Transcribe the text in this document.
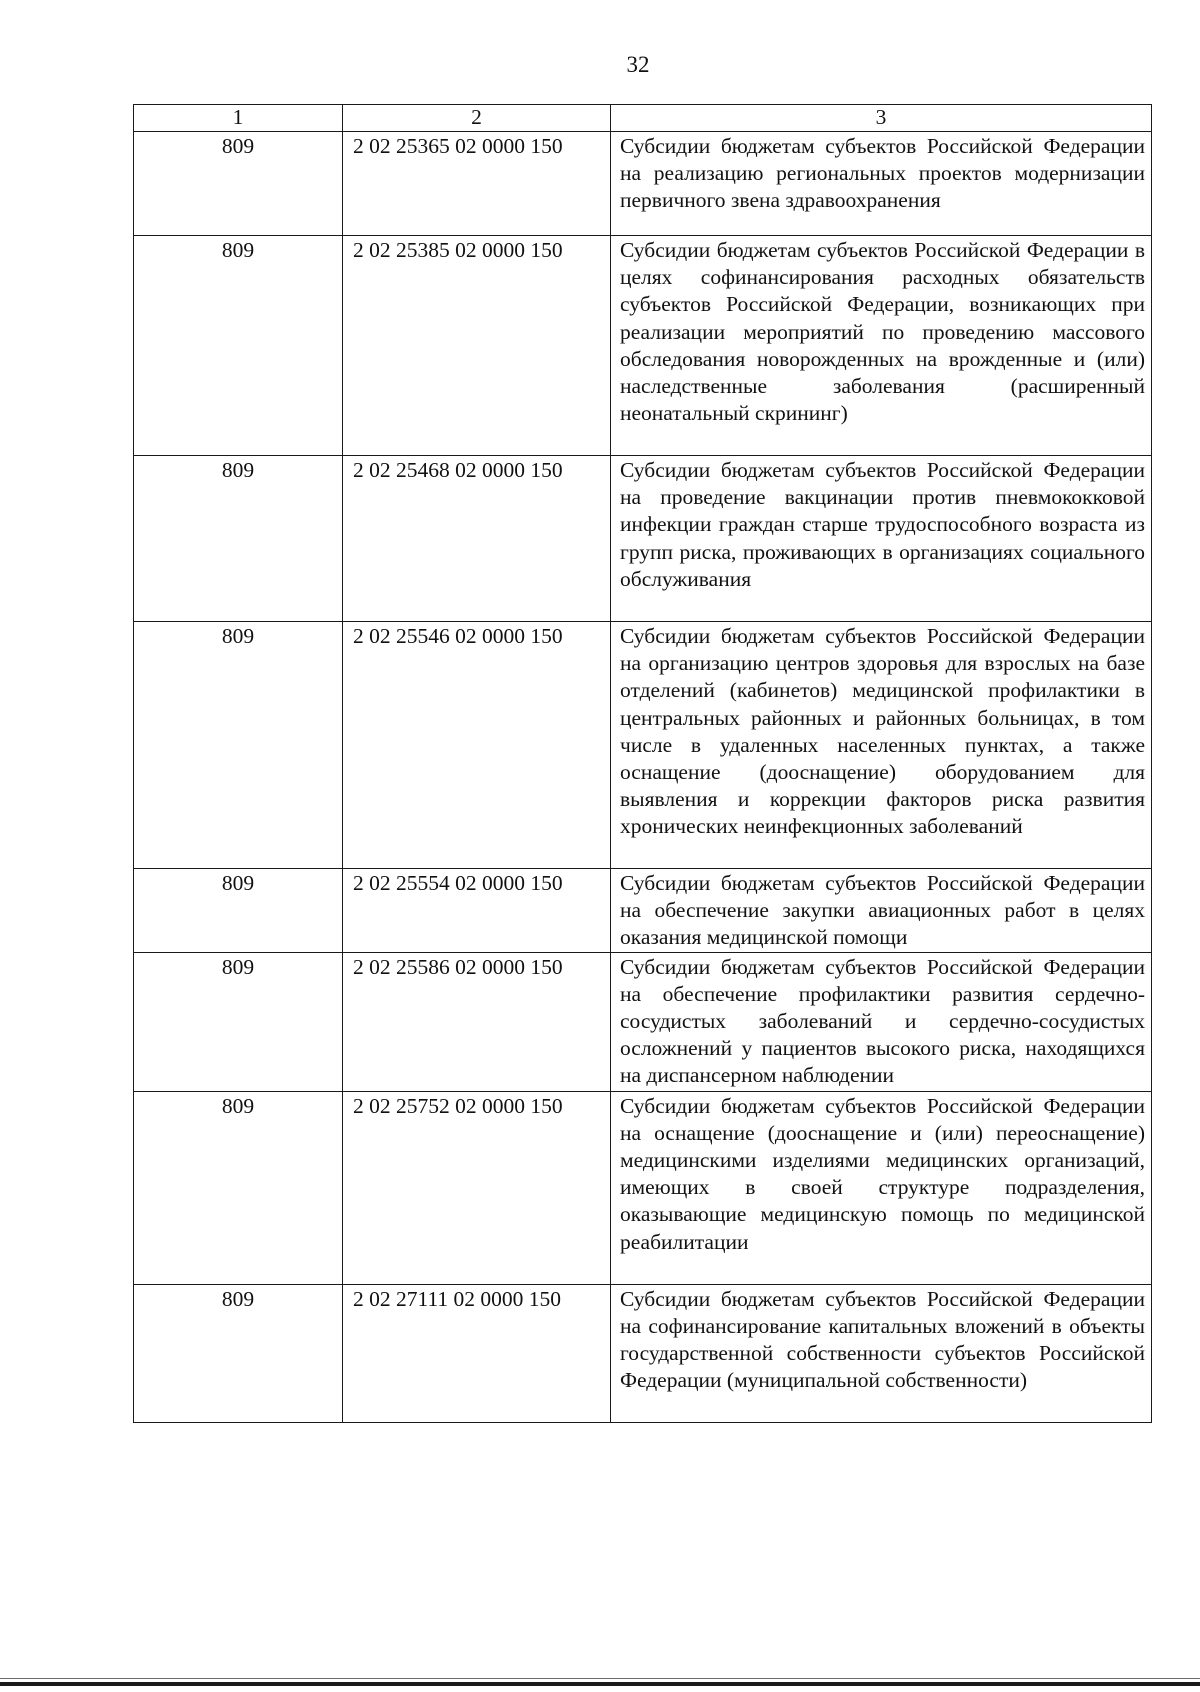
32
1	2	3
809	2 02 25365 02 0000 150	Субсидии бюджетам субъектов Российской Федерации на реализацию региональных проектов модернизации первичного звена здравоохранения
809	2 02 25385 02 0000 150	Субсидии бюджетам субъектов Российской Федерации в целях софинансирования расходных обязательств субъектов Российской Федерации, возникающих при реализации мероприятий по проведению массового обследования новорожденных на врожденные и (или) наследственные заболевания (расширенный неонатальный скрининг)
809	2 02 25468 02 0000 150	Субсидии бюджетам субъектов Российской Федерации на проведение вакцинации против пневмококковой инфекции граждан старше трудоспособного возраста из групп риска, проживающих в организациях социального обслуживания
809	2 02 25546 02 0000 150	Субсидии бюджетам субъектов Российской Федерации на организацию центров здоровья для взрослых на базе отделений (кабинетов) медицинской профилактики в центральных районных и районных больницах, в том числе в удаленных населенных пунктах, а также оснащение (дооснащение) оборудованием для выявления и коррекции факторов риска развития хронических неинфекционных заболеваний
809	2 02 25554 02 0000 150	Субсидии бюджетам субъектов Российской Федерации на обеспечение закупки авиационных работ в целях оказания медицинской помощи
809	2 02 25586 02 0000 150	Субсидии бюджетам субъектов Российской Федерации на обеспечение профилактики развития сердечно-сосудистых заболеваний и сердечно-сосудистых осложнений у пациентов высокого риска, находящихся на диспансерном наблюдении
809	2 02 25752 02 0000 150	Субсидии бюджетам субъектов Российской Федерации на оснащение (дооснащение и (или) переоснащение) медицинскими изделиями медицинских организаций, имеющих в своей структуре подразделения, оказывающие медицинскую помощь по медицинской реабилитации
809	2 02 27111 02 0000 150	Субсидии бюджетам субъектов Российской Федерации на софинансирование капитальных вложений в объекты государственной собственности субъектов Российской Федерации (муниципальной собственности)
